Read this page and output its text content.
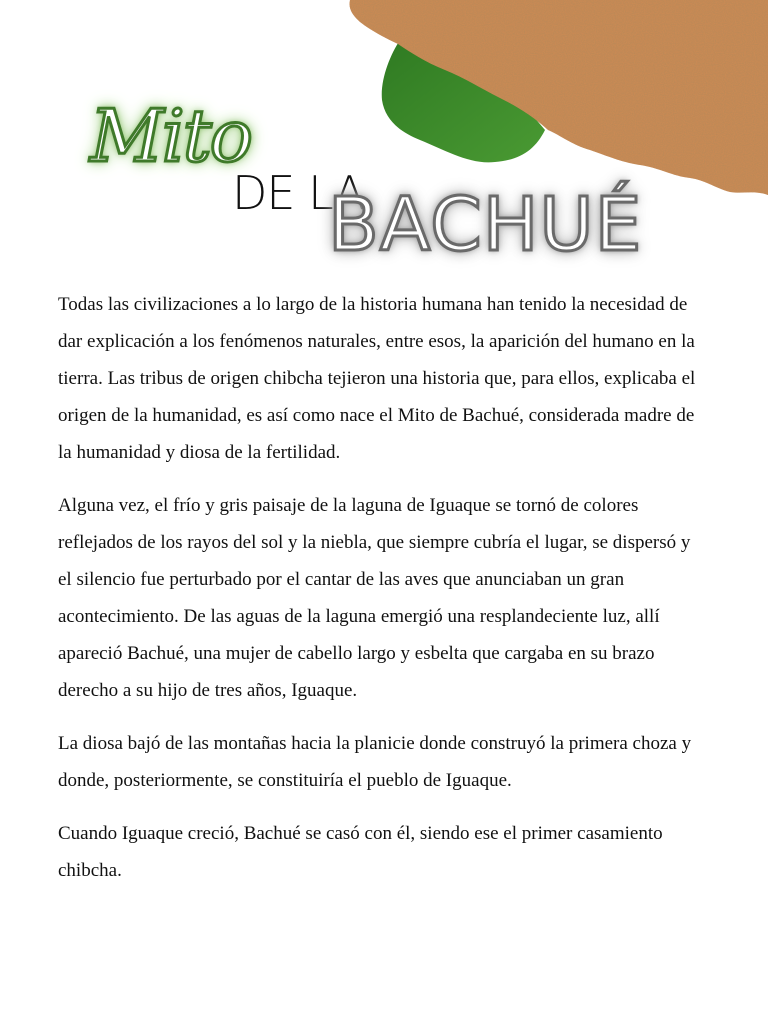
Mito
DE LA
BACHUÉ

Todas las civilizaciones a lo largo de la historia humana han tenido la necesidad de dar explicación a los fenómenos naturales, entre esos, la aparición del humano en la tierra. Las tribus de origen chibcha tejieron una historia que, para ellos, explicaba el origen de la humanidad, es así como nace el Mito de Bachué, considerada madre de la humanidad y diosa de la fertilidad.

Alguna vez, el frío y gris paisaje de la laguna de Iguaque se tornó de colores reflejados de los rayos del sol y la niebla, que siempre cubría el lugar, se dispersó y el silencio fue perturbado por el cantar de las aves que anunciaban un gran acontecimiento. De las aguas de la laguna emergió una resplandeciente luz, allí apareció Bachué, una mujer de cabello largo y esbelta que cargaba en su brazo derecho a su hijo de tres años, Iguaque.

La diosa bajó de las montañas hacia la planicie donde construyó la primera choza y donde, posteriormente, se constituiría el pueblo de Iguaque.

Cuando Iguaque creció, Bachué se casó con él, siendo ese el primer casamiento chibcha.
